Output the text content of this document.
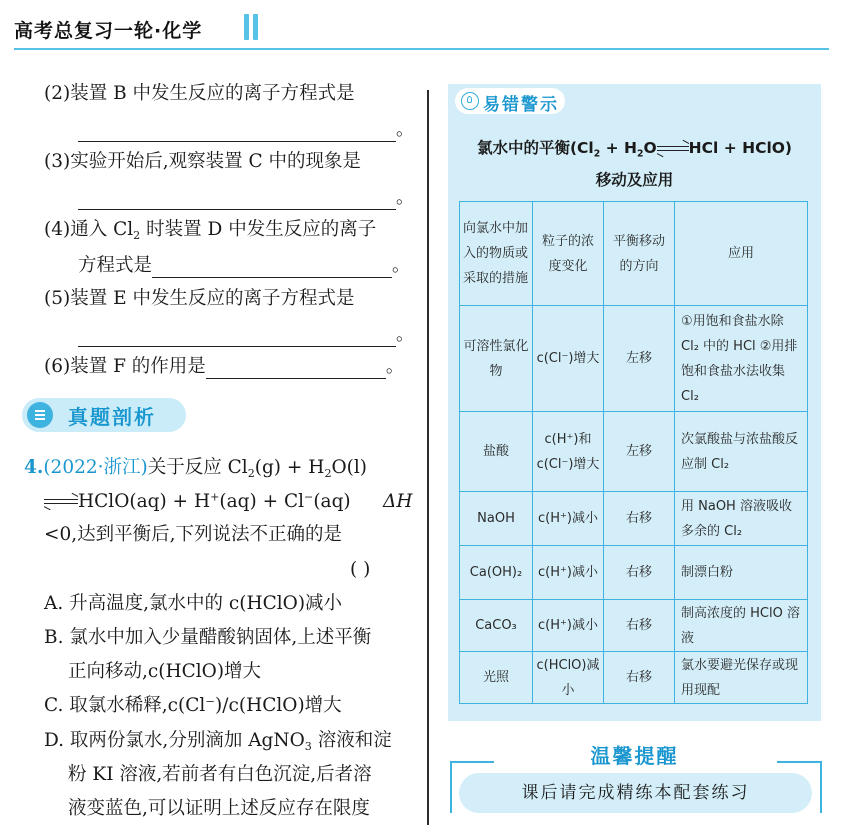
高考总复习一轮·化学
(2)装置 B 中发生反应的离子方程式是
。
(3)实验开始后,观察装置 C 中的现象是
。
(4)通入 $Cl_2$ 时装置 D 中发生反应的离子
方程式是	。
(5)装置 E 中发生反应的离子方程式是
。
(6)装置 F 的作用是	。
真题剖析
4.(2022·浙江)关于反应 $Cl_2(g) + H_2O(l)$
HClO(aq) + H+(aq) + Cl−(aq) ΔH
<0,达到平衡后,下列说法不正确的是
( )
A. 升高温度,氯水中的 c(HClO)减小
B. 氯水中加入少量醋酸钠固体,上述平衡
正向移动,c(HClO)增大
C. 取氯水稀释,c(Cl⁻)/c(HClO)增大
D. 取两份氯水,分别滴加 AgNO$_3$ 溶液和淀
粉 KI 溶液,若前者有白色沉淀,后者溶
液变蓝色,可以证明上述反应存在限度
易错警示
氯水中的平衡($Cl_2 + H_2O$ HCl + HClO)
移动及应用
向氯水中加入的物质或采取的措施	粒子的浓度变化	平衡移动的方向	应用
可溶性氯化物	c(Cl⁻)增大	左移	①用饱和食盐水除 Cl₂ 中的 HCl ②用排饱和食盐水法收集 Cl₂
盐酸	c(H⁺)和c(Cl⁻)增大	左移	次氯酸盐与浓盐酸反应制 Cl₂
NaOH	c(H⁺)减小	右移	用 NaOH 溶液吸收多余的 Cl₂
Ca(OH)₂	c(H⁺)减小	右移	制漂白粉
CaCO₃	c(H⁺)减小	右移	制高浓度的 HClO 溶液
光照	c(HClO)减小	右移	氯水要避光保存或现用现配
温馨提醒
课后请完成精练本配套练习
